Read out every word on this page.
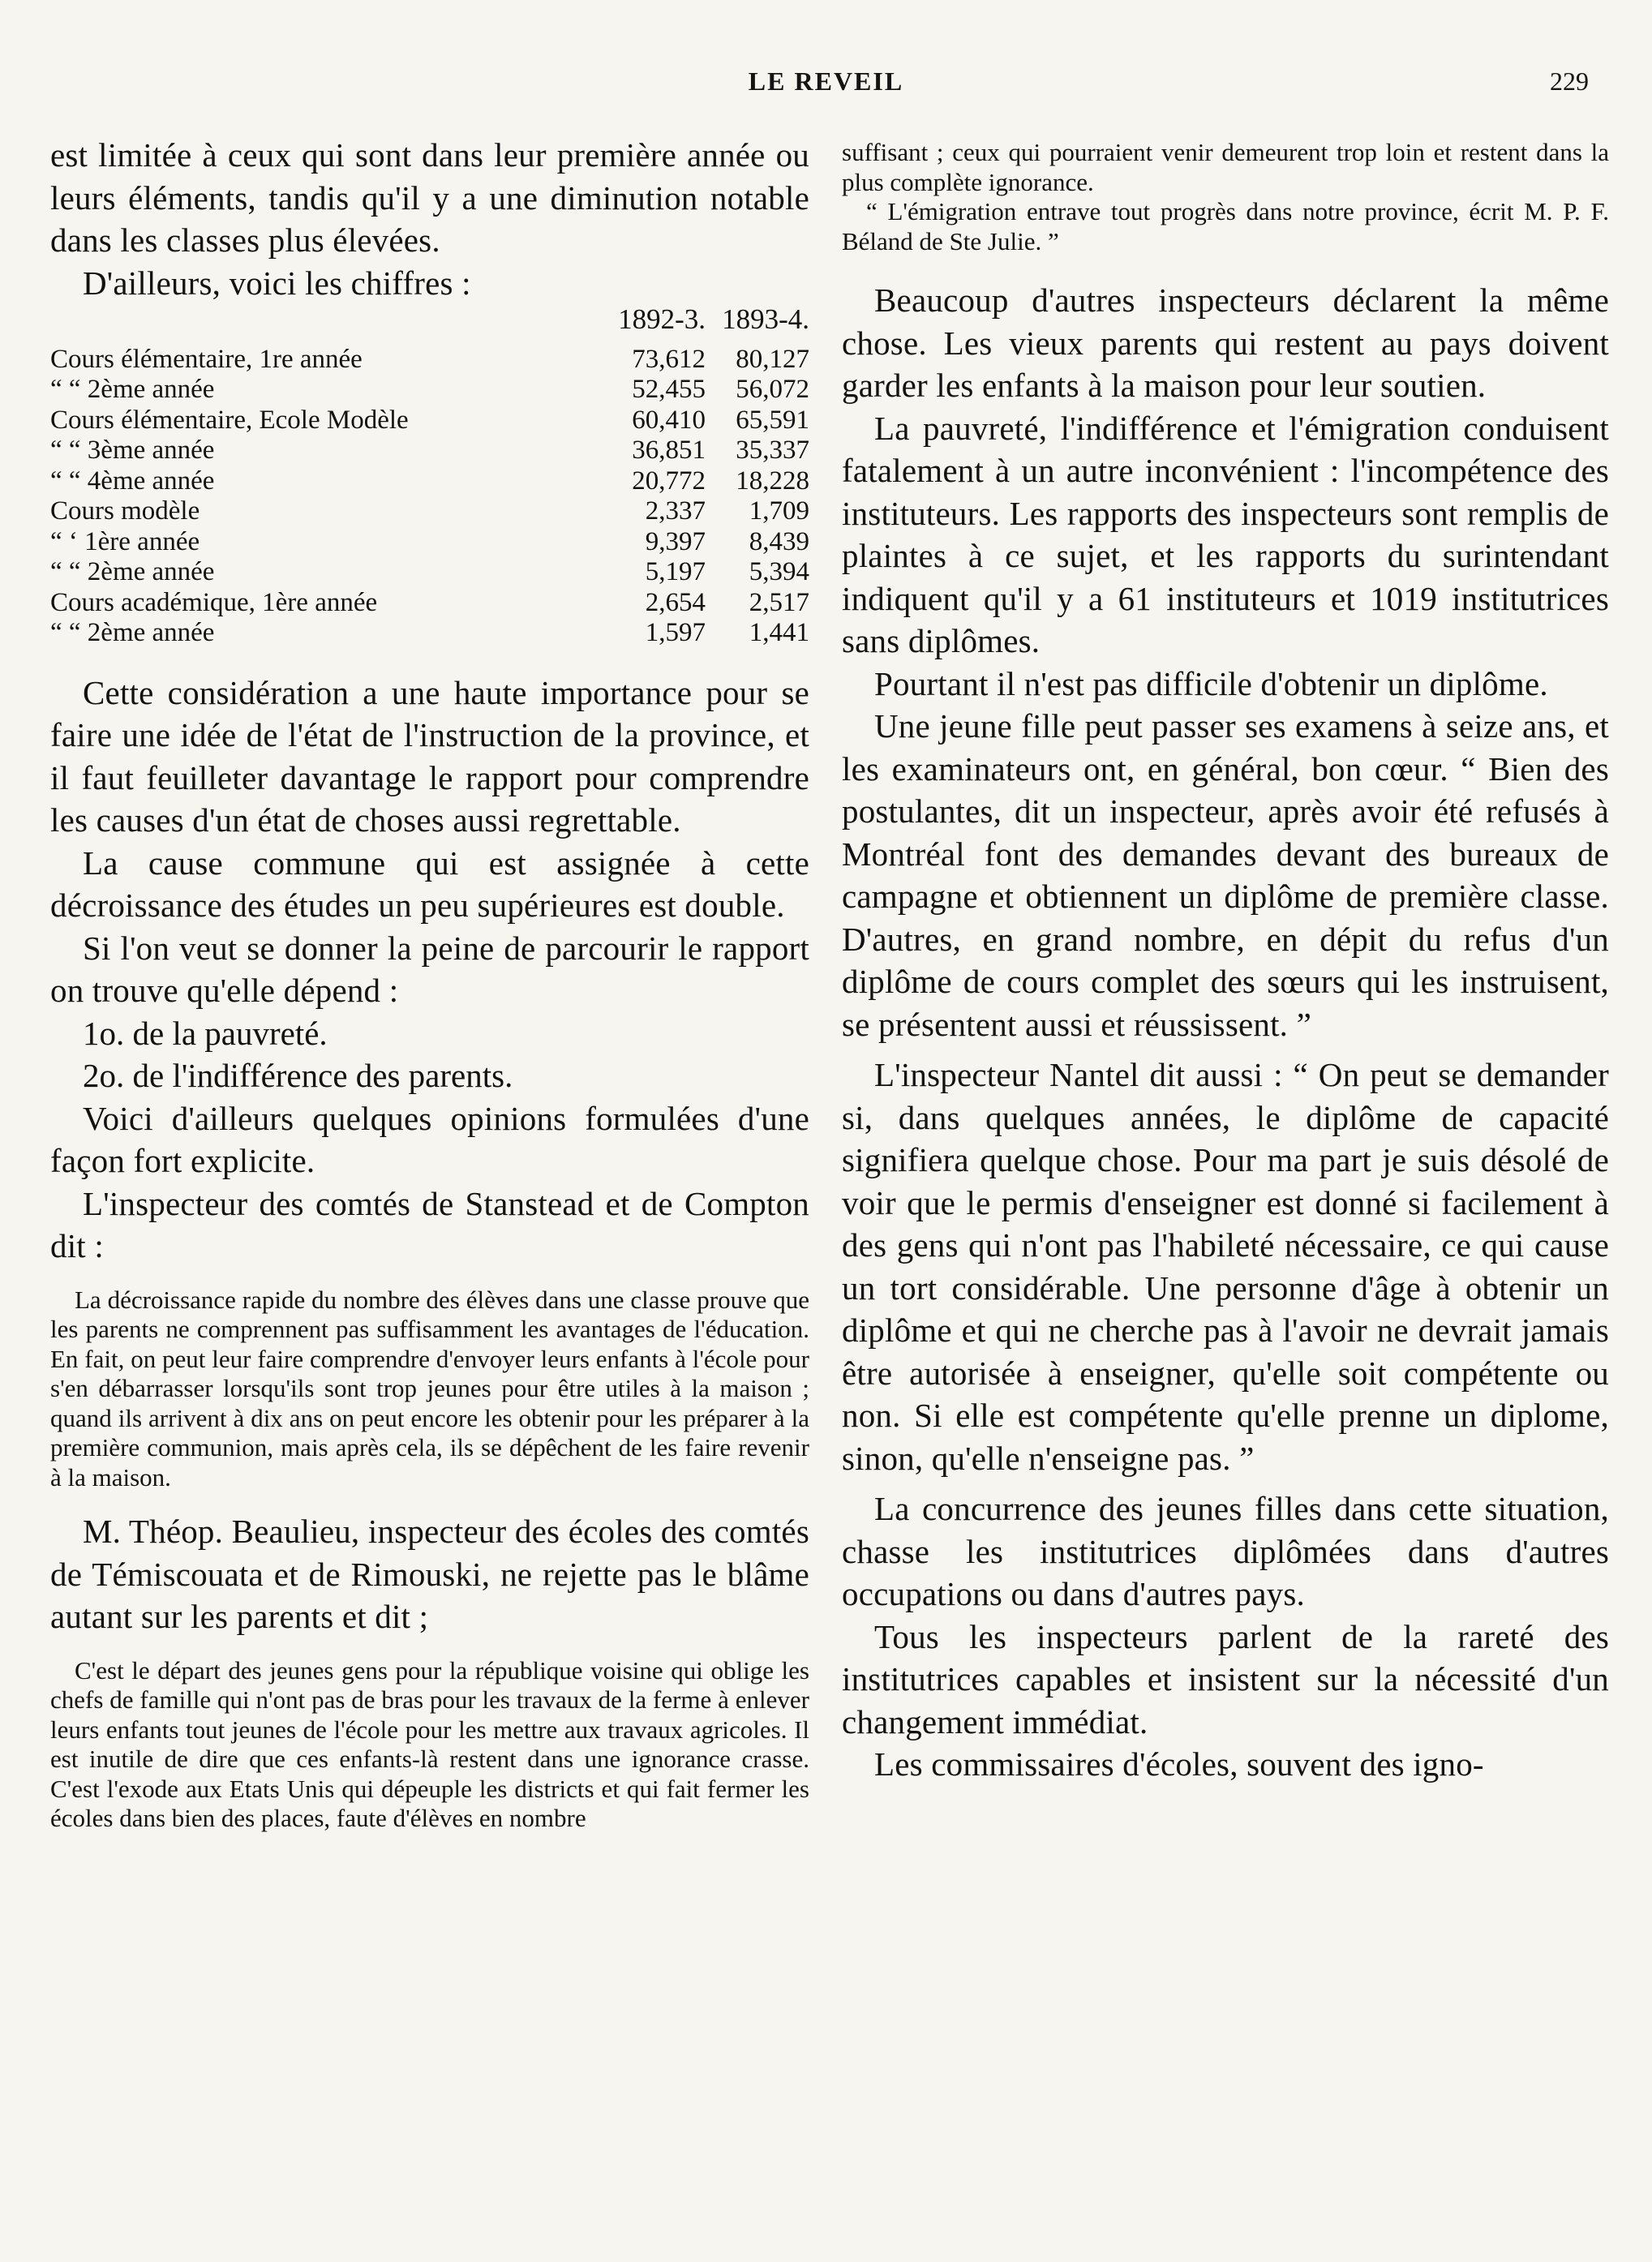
LE REVEIL	229

est limitée à ceux qui sont dans leur première année ou leurs éléments, tandis qu'il y a une diminution notable dans les classes plus élevées.

D'ailleurs, voici les chiffres :

	1892-3.	1893-4.
Cours élémentaire, 1re année	73,612	80,127
“ “ 2ème année	52,455	56,072
Cours élémentaire, Ecole Modèle	60,410	65,591
“ “ 3ème année	36,851	35,337
“ “ 4ème année	20,772	18,228
Cours modèle	2,337	1,709
“ ‘ 1ère année	9,397	8,439
“ “ 2ème année	5,197	5,394
Cours académique, 1ère année	2,654	2,517
“ “ 2ème année	1,597	1,441

Cette considération a une haute importance pour se faire une idée de l'état de l'instruction de la province, et il faut feuilleter davantage le rapport pour comprendre les causes d'un état de choses aussi regrettable.

La cause commune qui est assignée à cette décroissance des études un peu supérieures est double.

Si l'on veut se donner la peine de parcourir le rapport on trouve qu'elle dépend :

1o. de la pauvreté.

2o. de l'indifférence des parents.

Voici d'ailleurs quelques opinions formulées d'une façon fort explicite.

L'inspecteur des comtés de Stanstead et de Compton dit :

La décroissance rapide du nombre des élèves dans une classe prouve que les parents ne comprennent pas suffisamment les avantages de l'éducation. En fait, on peut leur faire comprendre d'envoyer leurs enfants à l'école pour s'en débarrasser lorsqu'ils sont trop jeunes pour être utiles à la maison ; quand ils arrivent à dix ans on peut encore les obtenir pour les préparer à la première communion, mais après cela, ils se dépêchent de les faire revenir à la maison.

M. Théop. Beaulieu, inspecteur des écoles des comtés de Témiscouata et de Rimouski, ne rejette pas le blâme autant sur les parents et dit ;

C'est le départ des jeunes gens pour la république voisine qui oblige les chefs de famille qui n'ont pas de bras pour les travaux de la ferme à enlever leurs enfants tout jeunes de l'école pour les mettre aux travaux agricoles. Il est inutile de dire que ces enfants-là restent dans une ignorance crasse. C'est l'exode aux Etats Unis qui dépeuple les districts et qui fait fermer les écoles dans bien des places, faute d'élèves en nombre

suffisant ; ceux qui pourraient venir demeurent trop loin et restent dans la plus complète ignorance.

“ L'émigration entrave tout progrès dans notre province, écrit M. P. F. Béland de Ste Julie. ”

Beaucoup d'autres inspecteurs déclarent la même chose. Les vieux parents qui restent au pays doivent garder les enfants à la maison pour leur soutien.

La pauvreté, l'indifférence et l'émigration conduisent fatalement à un autre inconvénient : l'incompétence des instituteurs. Les rapports des inspecteurs sont remplis de plaintes à ce sujet, et les rapports du surintendant indiquent qu'il y a 61 instituteurs et 1019 institutrices sans diplômes.

Pourtant il n'est pas difficile d'obtenir un diplôme.

Une jeune fille peut passer ses examens à seize ans, et les examinateurs ont, en général, bon cœur. “ Bien des postulantes, dit un inspecteur, après avoir été refusés à Montréal font des demandes devant des bureaux de campagne et obtiennent un diplôme de première classe. D'autres, en grand nombre, en dépit du refus d'un diplôme de cours complet des sœurs qui les instruisent, se présentent aussi et réussissent. ”

L'inspecteur Nantel dit aussi : “ On peut se demander si, dans quelques années, le diplôme de capacité signifiera quelque chose. Pour ma part je suis désolé de voir que le permis d'enseigner est donné si facilement à des gens qui n'ont pas l'habileté nécessaire, ce qui cause un tort considérable. Une personne d'âge à obtenir un diplôme et qui ne cherche pas à l'avoir ne devrait jamais être autorisée à enseigner, qu'elle soit compétente ou non. Si elle est compétente qu'elle prenne un diplome, sinon, qu'elle n'enseigne pas. ”

La concurrence des jeunes filles dans cette situation, chasse les institutrices diplômées dans d'autres occupations ou dans d'autres pays.

Tous les inspecteurs parlent de la rareté des institutrices capables et insistent sur la nécessité d'un changement immédiat.

Les commissaires d'écoles, souvent des igno-
